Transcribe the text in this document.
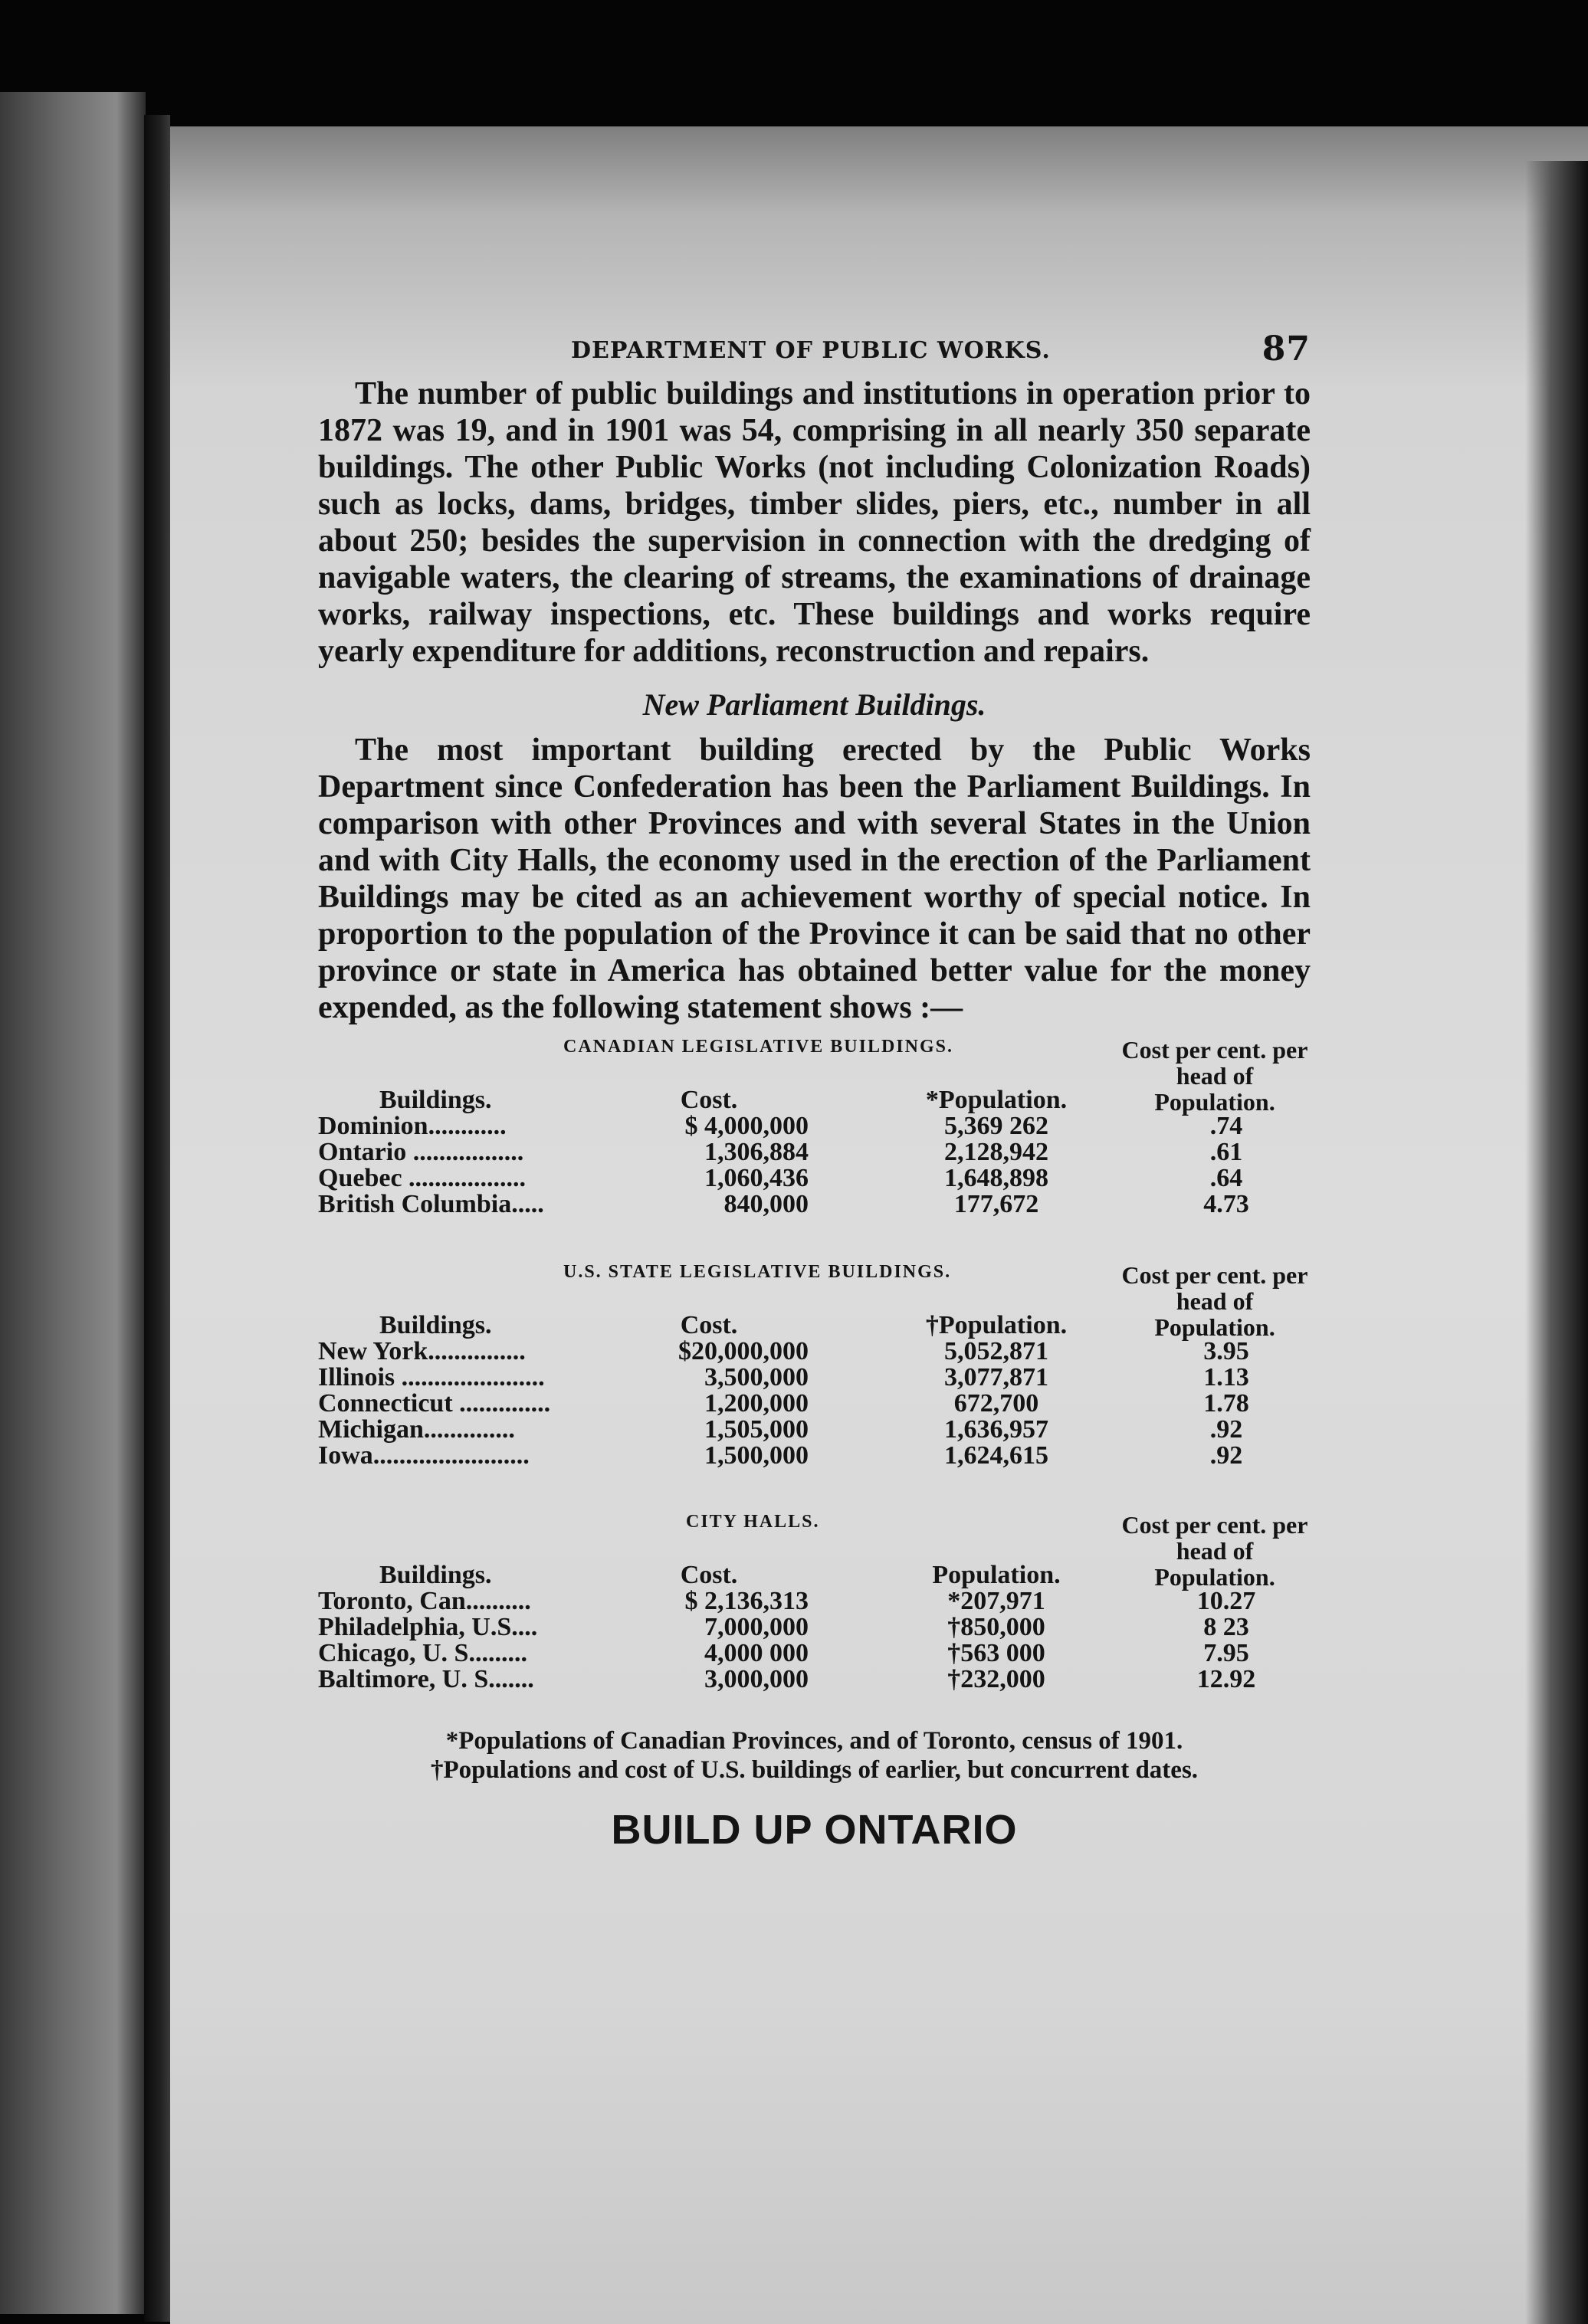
DEPARTMENT OF PUBLIC WORKS.	87

The number of public buildings and institutions in operation prior to 1872 was 19, and in 1901 was 54, comprising in all nearly 350 separate buildings. The other Public Works (not including Colonization Roads) such as locks, dams, bridges, timber slides, piers, etc., number in all about 250; besides the supervision in connection with the dredging of navigable waters, the clearing of streams, the examinations of drainage works, railway inspections, etc. These buildings and works require yearly expenditure for additions, reconstruction and repairs.

New Parliament Buildings.

The most important building erected by the Public Works Department since Confederation has been the Parliament Buildings. In comparison with other Provinces and with several States in the Union and with City Halls, the economy used in the erection of the Parliament Buildings may be cited as an achievement worthy of special notice. In proportion to the population of the Province it can be said that no other province or state in America has obtained better value for the money expended, as the following statement shows :—

CANADIAN LEGISLATIVE BUILDINGS.	Cost per cent. per head of Population.
Buildings.	Cost.	*Population.
Dominion............	$ 4,000,000	5,369 262	.74
Ontario .................	1,306,884	2,128,942	.61
Quebec ..................	1,060,436	1,648,898	.64
British Columbia.....	840,000	177,672	4.73
U.S. STATE LEGISLATIVE BUILDINGS.	Cost per cent. per head of Population.
Buildings.	Cost.	†Population.
New York...............	$20,000,000	5,052,871	3.95
Illinois ......................	3,500,000	3,077,871	1.13
Connecticut ..............	1,200,000	672,700	1.78
Michigan..............	1,505,000	1,636,957	.92
Iowa........................	1,500,000	1,624,615	.92
CITY HALLS.	Cost per cent. per head of Population.
Buildings.	Cost.	Population.
Toronto, Can..........	$ 2,136,313	*207,971	10.27
Philadelphia, U.S....	7,000,000	†850,000	8 23
Chicago, U. S.........	4,000 000	†563 000	7.95
Baltimore, U. S.......	3,000,000	†232,000	12.92
*Populations of Canadian Provinces, and of Toronto, census of 1901.
†Populations and cost of U.S. buildings of earlier, but concurrent dates.
BUILD UP ONTARIO
